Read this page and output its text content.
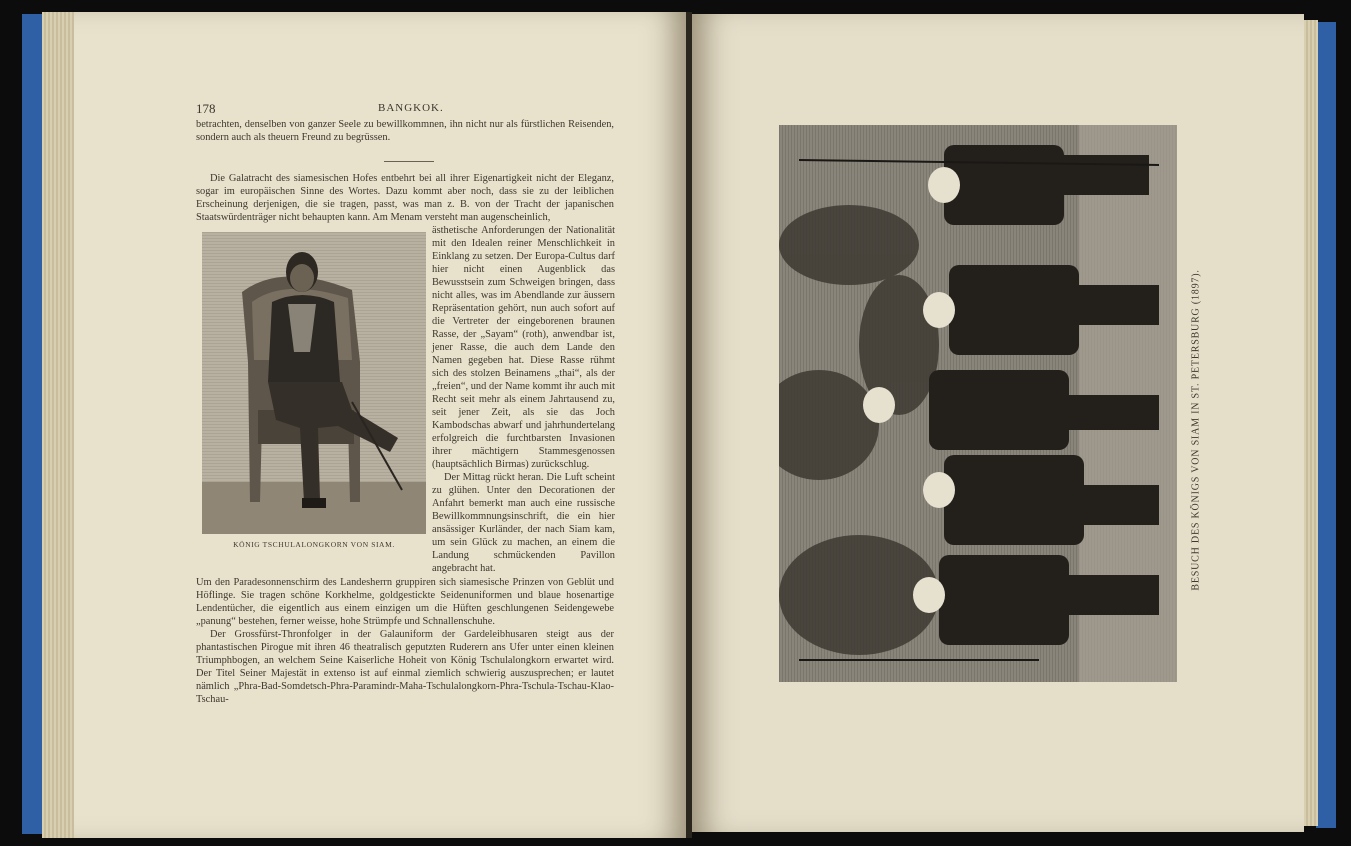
178	BANGKOK.
betrachten, denselben von ganzer Seele zu bewillkommnen, ihn nicht nur als fürstlichen Reisenden, sondern auch als theuern Freund zu begrüssen.

Die Galatracht des siamesischen Hofes entbehrt bei all ihrer Eigenartigkeit nicht der Eleganz, sogar im europäischen Sinne des Wortes. Dazu kommt aber noch, dass sie zu der leiblichen Erscheinung derjenigen, die sie tragen, passt, was man z. B. von der Tracht der japanischen Staatswürdenträger nicht behaupten kann. Am Menam versteht man augenscheinlich,

ästhetische Anforderungen der Nationalität mit den Idealen reiner Menschlichkeit in Einklang zu setzen. Der Europa-Cultus darf hier nicht einen Augenblick das Bewusstsein zum Schweigen bringen, dass nicht alles, was im Abendlande zur äussern Repräsentation gehört, nun auch sofort auf die Vertreter der eingeborenen braunen Rasse, der „Sayam“ (roth), anwendbar ist, jener Rasse, die auch dem Lande den Namen gegeben hat. Diese Rasse rühmt sich des stolzen Beinamens „thai“, als der „freien“, und der Name kommt ihr auch mit Recht seit mehr als einem Jahrtausend zu, seit jener Zeit, als sie das Joch Kambodschas abwarf und jahrhundertelang erfolgreich die furchtbarsten Invasionen ihrer mächtigern Stammesgenossen (hauptsächlich Birmas) zurückschlug.

Der Mittag rückt heran. Die Luft scheint zu glühen. Unter den Decorationen der Anfahrt bemerkt man auch eine russische Bewillkommnungsinschrift, die ein hier ansässiger Kurländer, der nach Siam kam, um sein Glück zu machen, an einem die Landung schmückenden Pavillon angebracht hat.

KÖNIG TSCHULALONGKORN VON SIAM.

Um den Paradesonnenschirm des Landesherrn gruppiren sich siamesische Prinzen von Geblüt und Höflinge. Sie tragen schöne Korkhelme, goldgestickte Seidenuniformen und blaue hosenartige Lendentücher, die eigentlich aus einem einzigen um die Hüften geschlungenen Seidengewebe „panung“ bestehen, ferner weisse, hohe Strümpfe und Schnallenschuhe.

Der Grossfürst-Thronfolger in der Galauniform der Gardeleibhusaren steigt aus der phantastischen Pirogue mit ihren 46 theatralisch geputzten Ruderern ans Ufer unter einen kleinen Triumphbogen, an welchem Seine Kaiserliche Hoheit von König Tschulalongkorn erwartet wird. Der Titel Seiner Majestät in extenso ist auf einmal ziemlich schwierig auszusprechen; er lautet nämlich „Phra-Bad-Somdetsch-Phra-Paramindr-Maha-Tschulalongkorn-Phra-Tschula-Tschau-Klao-Tschau-

BESUCH DES KÖNIGS VON SIAM IN ST. PETERSBURG (1897).
